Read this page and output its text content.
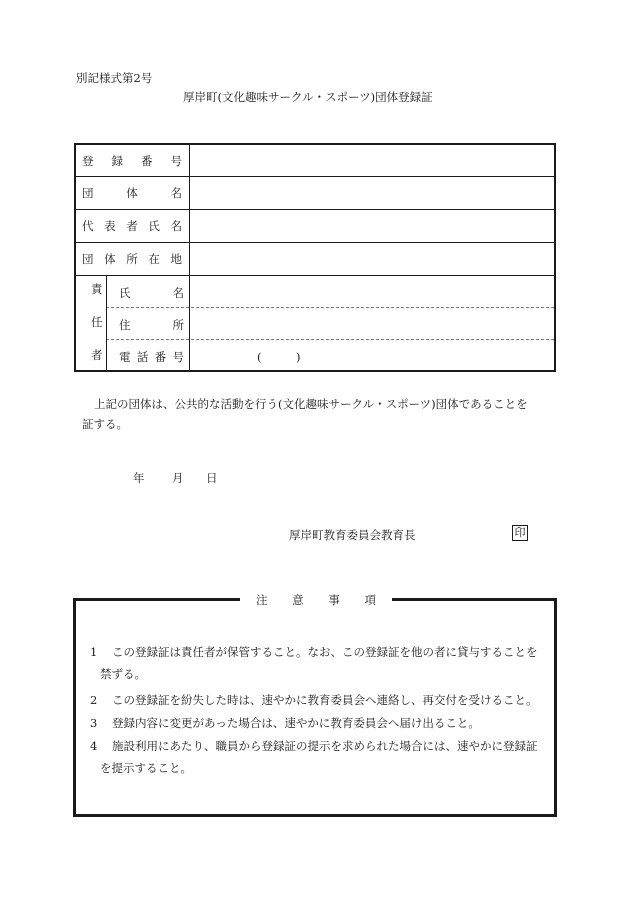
別記様式第2号
厚岸町(文化趣味サークル・スポーツ)団体登録証
登 録 番 号
団	体	名
代 表 者 氏 名
団 体 所 在 地
責
任
者
氏	名
住	所
電 話 番 号	(　　　)
上記の団体は、公共的な活動を行う(文化趣味サークル・スポーツ)団体であることを
証する。
年 月 日
厚岸町教育委員会教育長	印
注 意 事 項
1 この登録証は責任者が保管すること。なお、この登録証を他の者に貸与することを
禁ずる。
2 この登録証を紛失した時は、速やかに教育委員会へ連絡し、再交付を受けること。
3 登録内容に変更があった場合は、速やかに教育委員会へ届け出ること。
4 施設利用にあたり、職員から登録証の提示を求められた場合には、速やかに登録証
を提示すること。
